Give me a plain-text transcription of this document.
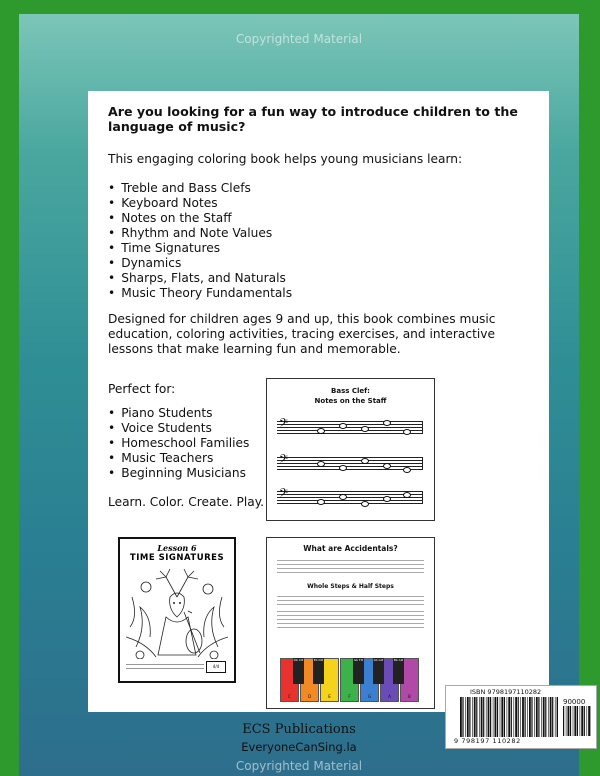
Copyrighted Material
Are you looking for a fun way to introduce children to the language of music?
This engaging coloring book helps young musicians learn:
• Treble and Bass Clefs
• Keyboard Notes
• Notes on the Staff
• Rhythm and Note Values
• Time Signatures
• Dynamics
• Sharps, Flats, and Naturals
• Music Theory Fundamentals
Designed for children ages 9 and up, this book combines music education, coloring activities, tracing exercises, and interactive lessons that make learning fun and memorable.
Perfect for:
• Piano Students
• Voice Students
• Homeschool Families
• Music Teachers
• Beginning Musicians
Learn. Color. Create. Play.
Bass Clef:
Notes on the Staff
𝄢
𝄢
𝄢
Lesson 6
TIME SIGNATURES
4/4
What are Accidentals?
Whole Steps & Half Steps
C	D	E	F	G	A	B
Db C#	Eb D#	Gb F#	Ab G#	Bb A#
ECS Publications
EveryoneCanSing.la
ISBN 9798197110282
90000
9 798197 110282
Copyrighted Material
